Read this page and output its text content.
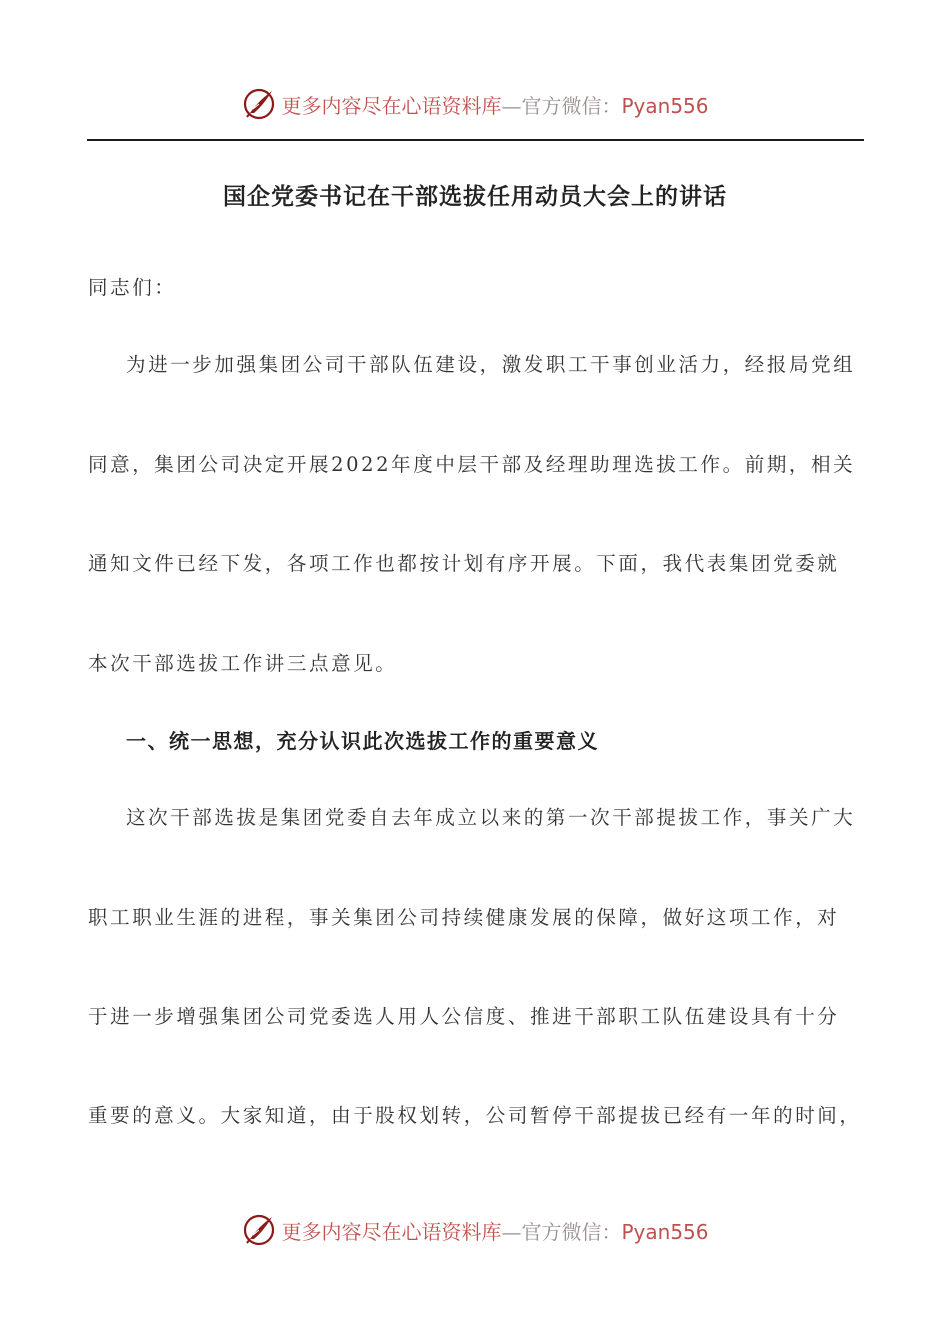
更多内容尽在心语资料库—官方微信：Pyan556
国企党委书记在干部选拔任用动员大会上的讲话
同志们：
为进一步加强集团公司干部队伍建设，激发职工干事创业活力，经报局党组
同意，集团公司决定开展2022年度中层干部及经理助理选拔工作。前期，相关
通知文件已经下发，各项工作也都按计划有序开展。下面，我代表集团党委就
本次干部选拔工作讲三点意见。
一、统一思想，充分认识此次选拔工作的重要意义
这次干部选拔是集团党委自去年成立以来的第一次干部提拔工作，事关广大
职工职业生涯的进程，事关集团公司持续健康发展的保障，做好这项工作，对
于进一步增强集团公司党委选人用人公信度、推进干部职工队伍建设具有十分
重要的意义。大家知道，由于股权划转，公司暂停干部提拔已经有一年的时间，
更多内容尽在心语资料库—官方微信：Pyan556
